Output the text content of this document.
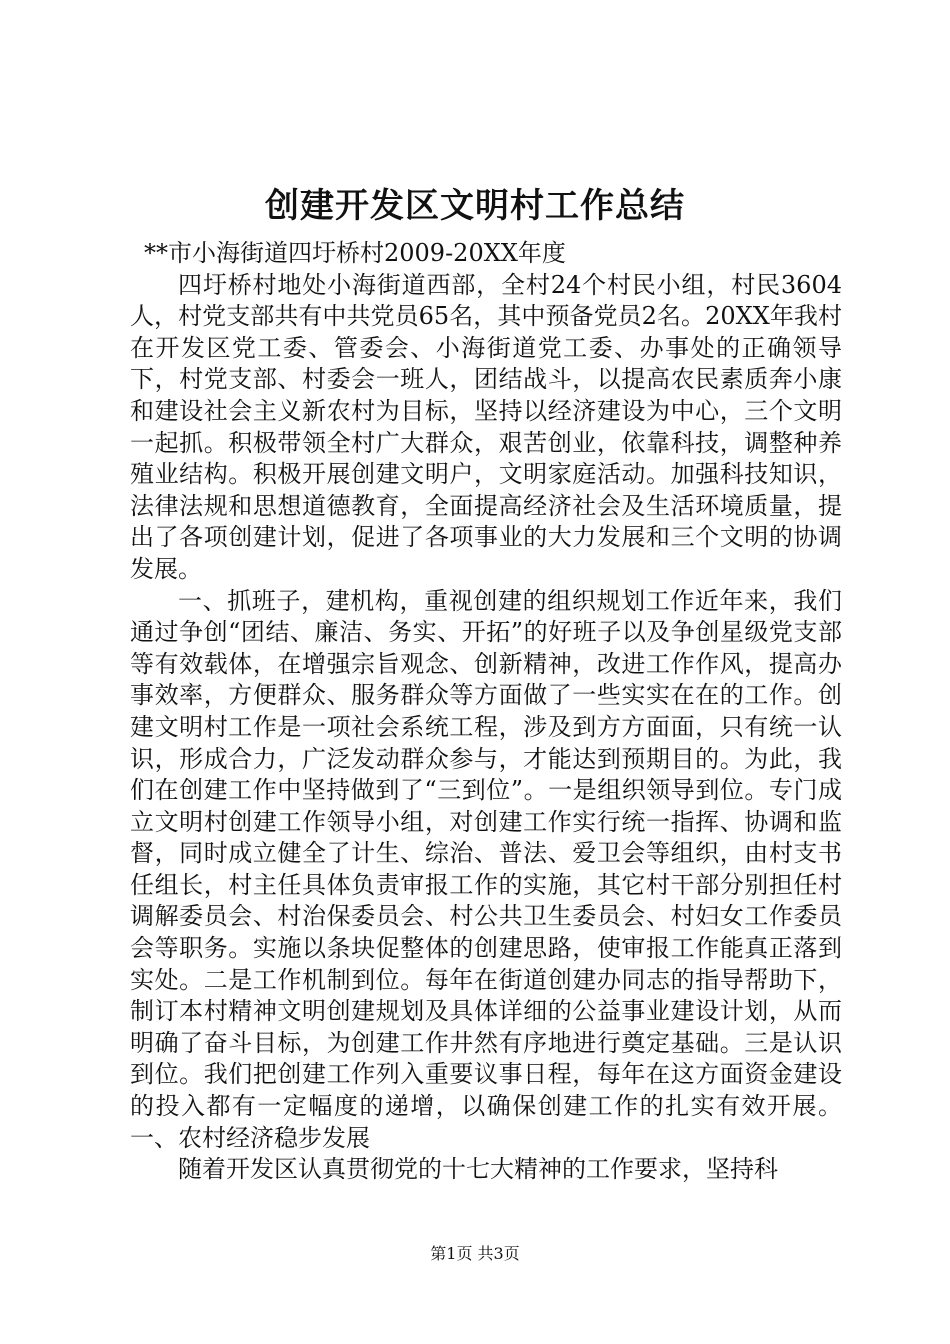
创建开发区文明村工作总结

**市小海街道四圩桥村2009-20XX年度

四圩桥村地处小海街道西部，全村24个村民小组，村民3604人，村党支部共有中共党员65名，其中预备党员2名。20XX年我村在开发区党工委、管委会、小海街道党工委、办事处的正确领导下，村党支部、村委会一班人，团结战斗，以提高农民素质奔小康和建设社会主义新农村为目标，坚持以经济建设为中心，三个文明一起抓。积极带领全村广大群众，艰苦创业，依靠科技，调整种养殖业结构。积极开展创建文明户，文明家庭活动。加强科技知识，法律法规和思想道德教育，全面提高经济社会及生活环境质量，提出了各项创建计划，促进了各项事业的大力发展和三个文明的协调发展。

一、抓班子，建机构，重视创建的组织规划工作近年来，我们通过争创“团结、廉洁、务实、开拓”的好班子以及争创星级党支部等有效载体，在增强宗旨观念、创新精神，改进工作作风，提高办事效率，方便群众、服务群众等方面做了一些实实在在的工作。创建文明村工作是一项社会系统工程，涉及到方方面面，只有统一认识，形成合力，广泛发动群众参与，才能达到预期目的。为此，我们在创建工作中坚持做到了“三到位”。一是组织领导到位。专门成立文明村创建工作领导小组，对创建工作实行统一指挥、协调和监督，同时成立健全了计生、综治、普法、爱卫会等组织，由村支书任组长，村主任具体负责审报工作的实施，其它村干部分别担任村调解委员会、村治保委员会、村公共卫生委员会、村妇女工作委员会等职务。实施以条块促整体的创建思路，使审报工作能真正落到实处。二是工作机制到位。每年在街道创建办同志的指导帮助下，制订本村精神文明创建规划及具体详细的公益事业建设计划，从而明确了奋斗目标，为创建工作井然有序地进行奠定基础。三是认识到位。我们把创建工作列入重要议事日程，每年在这方面资金建设的投入都有一定幅度的递增，以确保创建工作的扎实有效开展。一、农村经济稳步发展

随着开发区认真贯彻党的十七大精神的工作要求，坚持科

第1页 共3页
